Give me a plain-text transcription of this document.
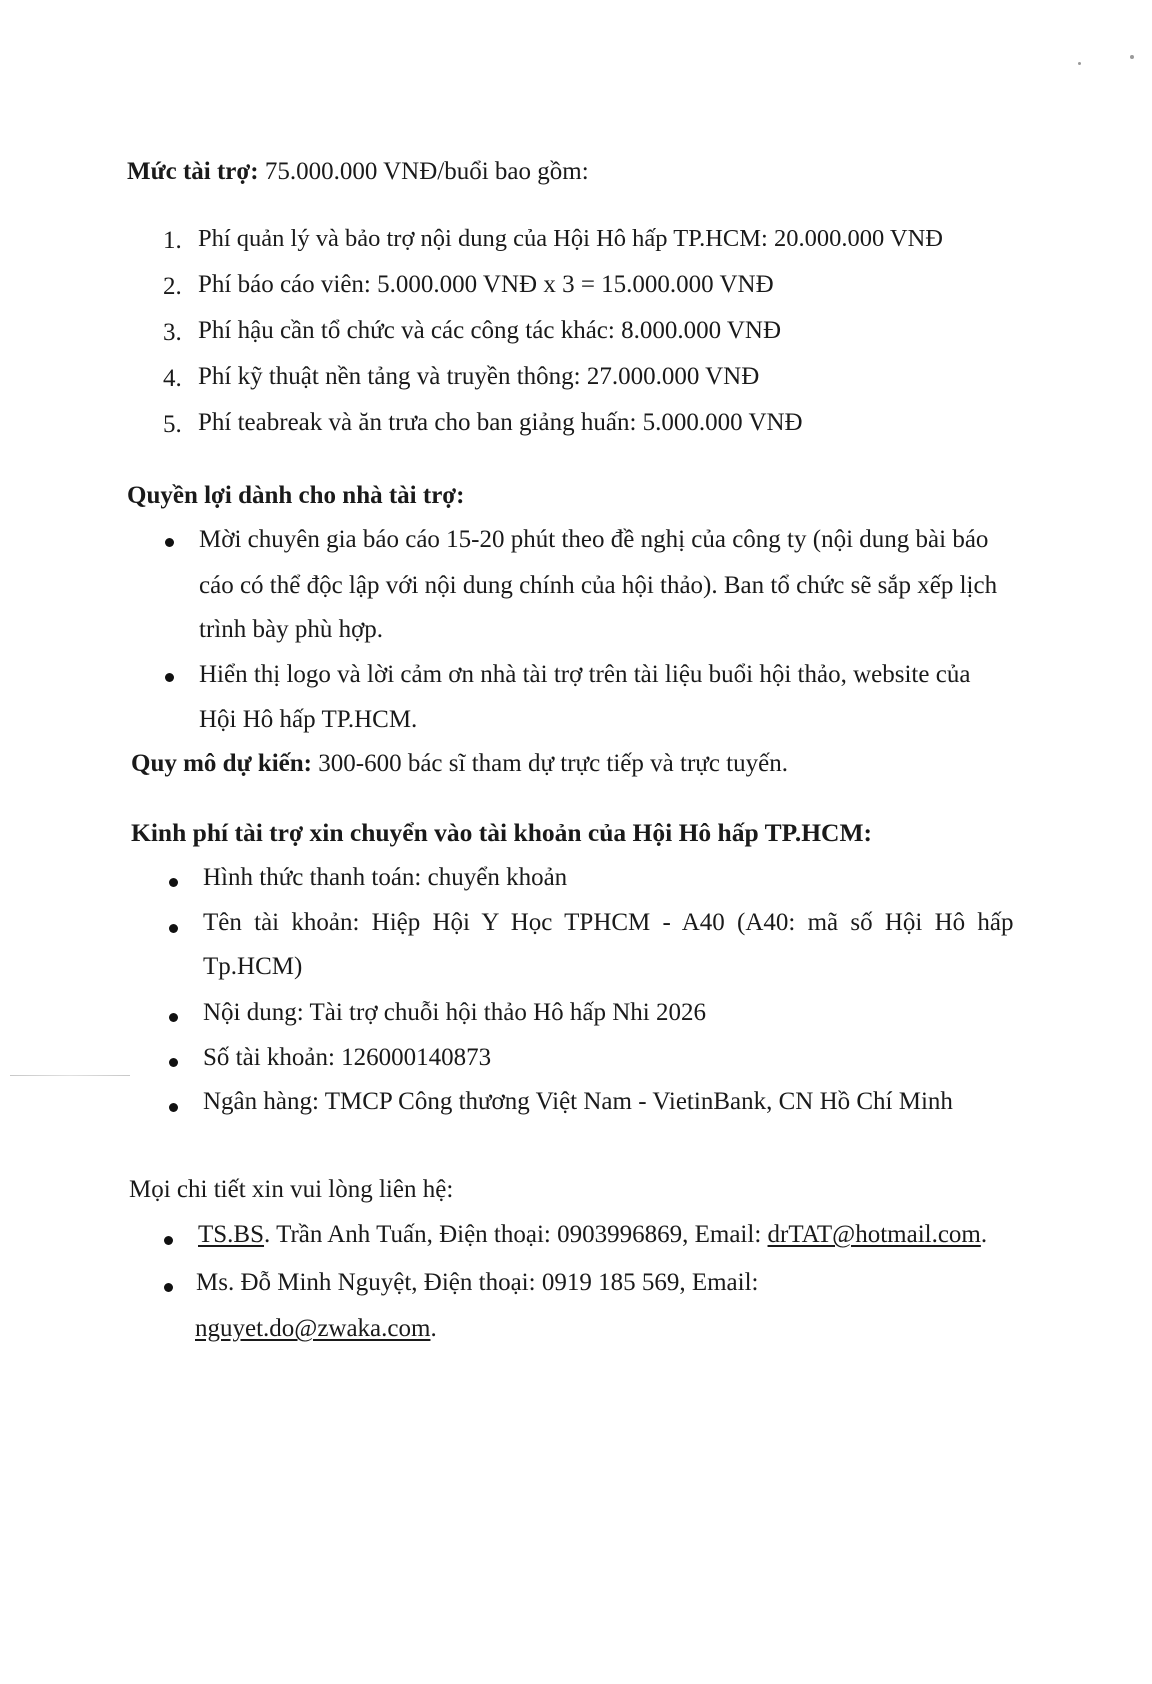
Mức tài trợ: 75.000.000 VNĐ/buổi bao gồm:
1. Phí quản lý và bảo trợ nội dung của Hội Hô hấp TP.HCM: 20.000.000 VNĐ
2. Phí báo cáo viên: 5.000.000 VNĐ x 3 = 15.000.000 VNĐ
3. Phí hậu cần tổ chức và các công tác khác: 8.000.000 VNĐ
4. Phí kỹ thuật nền tảng và truyền thông: 27.000.000 VNĐ
5. Phí teabreak và ăn trưa cho ban giảng huấn: 5.000.000 VNĐ
Quyền lợi dành cho nhà tài trợ:
Mời chuyên gia báo cáo 15-20 phút theo đề nghị của công ty (nội dung bài báo
cáo có thể độc lập với nội dung chính của hội thảo). Ban tổ chức sẽ sắp xếp lịch
trình bày phù hợp.
Hiển thị logo và lời cảm ơn nhà tài trợ trên tài liệu buổi hội thảo, website của
Hội Hô hấp TP.HCM.
Quy mô dự kiến: 300-600 bác sĩ tham dự trực tiếp và trực tuyến.
Kinh phí tài trợ xin chuyển vào tài khoản của Hội Hô hấp TP.HCM:
Hình thức thanh toán: chuyển khoản
Tên tài khoản: Hiệp Hội Y Học TPHCM - A40 (A40: mã số Hội Hô hấp
Tp.HCM)
Nội dung: Tài trợ chuỗi hội thảo Hô hấp Nhi 2026
Số tài khoản: 126000140873
Ngân hàng: TMCP Công thương Việt Nam - VietinBank, CN Hồ Chí Minh
Mọi chi tiết xin vui lòng liên hệ:
TS.BS. Trần Anh Tuấn, Điện thoại: 0903996869, Email: drTAT@hotmail.com.
Ms. Đỗ Minh Nguyệt, Điện thoại: 0919 185 569, Email:
nguyet.do@zwaka.com.
